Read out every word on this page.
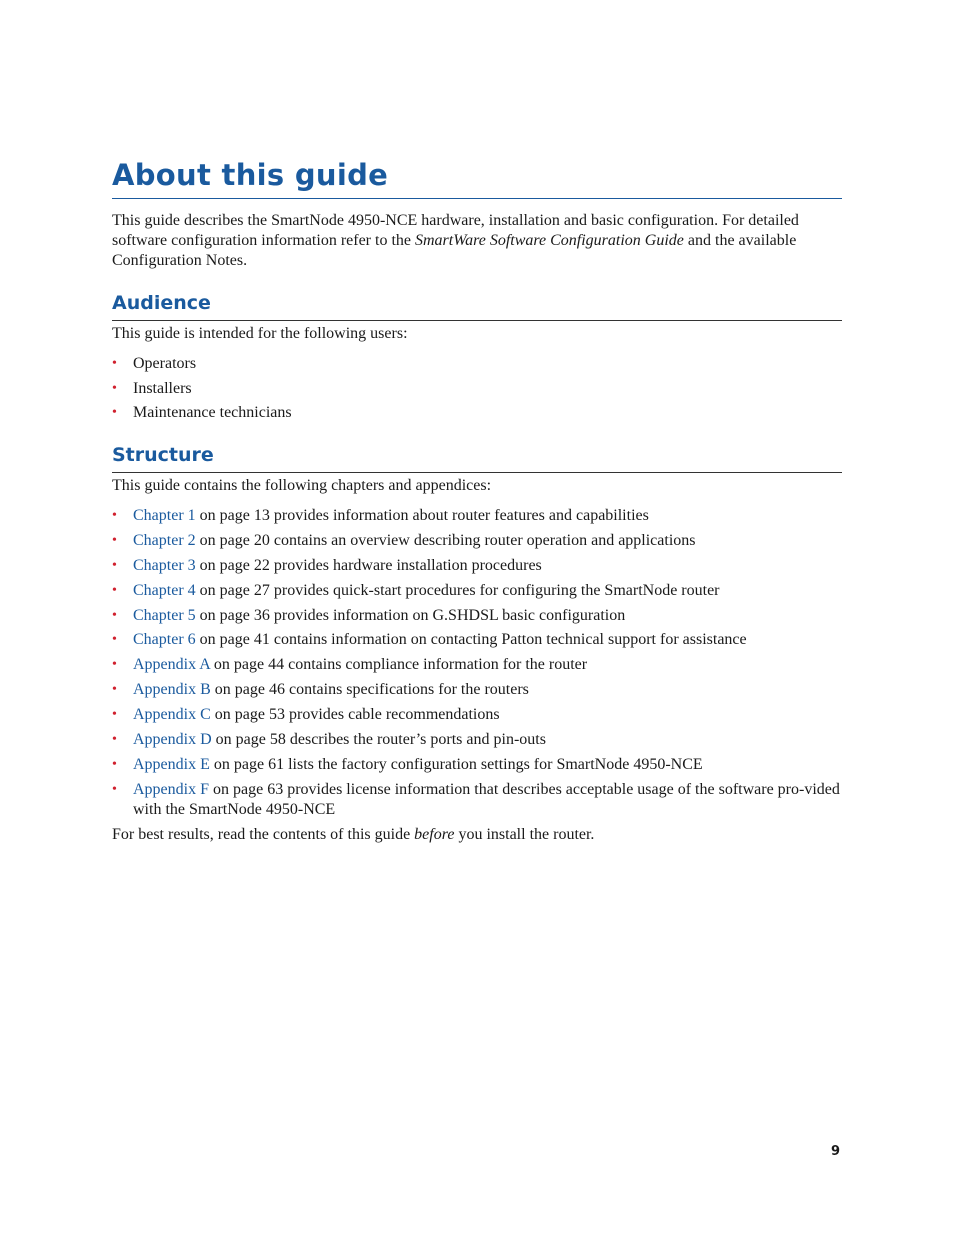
About this guide

This guide describes the SmartNode 4950-NCE hardware, installation and basic configuration. For detailed software configuration information refer to the SmartWare Software Configuration Guide and the available Configuration Notes.

Audience

This guide is intended for the following users:

• Operators
• Installers
• Maintenance technicians
Structure

This guide contains the following chapters and appendices:

• Chapter 1 on page 13 provides information about router features and capabilities
• Chapter 2 on page 20 contains an overview describing router operation and applications
• Chapter 3 on page 22 provides hardware installation procedures
• Chapter 4 on page 27 provides quick-start procedures for configuring the SmartNode router
• Chapter 5 on page 36 provides information on G.SHDSL basic configuration
• Chapter 6 on page 41 contains information on contacting Patton technical support for assistance
• Appendix A on page 44 contains compliance information for the router
• Appendix B on page 46 contains specifications for the routers
• Appendix C on page 53 provides cable recommendations
• Appendix D on page 58 describes the router’s ports and pin-outs
• Appendix E on page 61 lists the factory configuration settings for SmartNode 4950-NCE
• Appendix F on page 63 provides license information that describes acceptable usage of the software pro-vided with the SmartNode 4950-NCE

For best results, read the contents of this guide before you install the router.

9
